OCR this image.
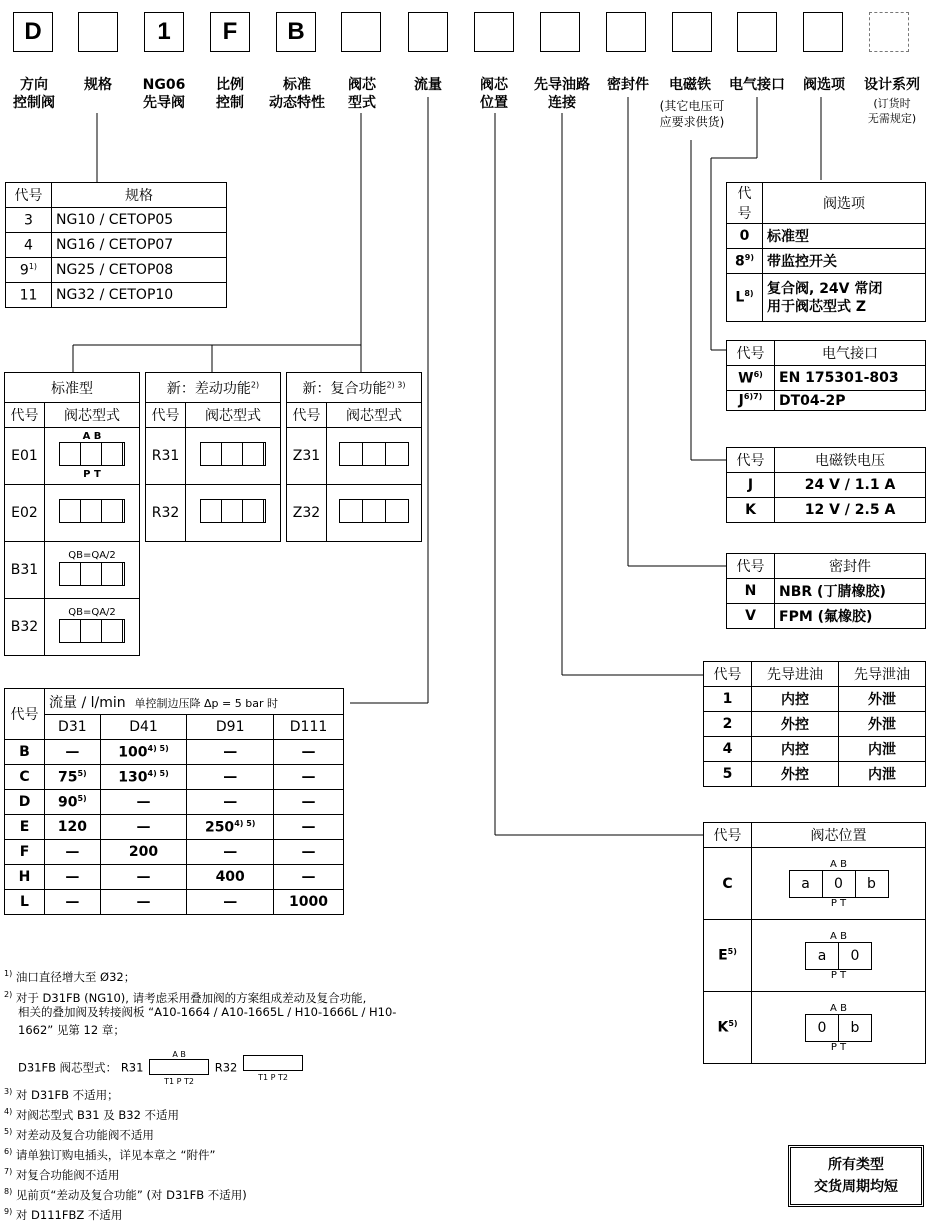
D	1	F	B
方向
控制阀
规格	NG06
先导阀
比例
控制
标准
动态特性
阀芯
型式
流量	阀芯
位置
先导油路
连接
密封件	电磁铁
(其它电压可
应要求供货)
电气接口	阀选项	设计系列
(订货时
无需规定)
代号	规格
3	NG10 / CETOP05
4	NG16 / CETOP07
9$^{1)}$	NG25 / CETOP08
11	NG32 / CETOP10
标准型	
代号	阀芯型式
E01	A B
P T

E02	
B31	QB=QA/2

B32	QB=QA/2
新：差动功能$^{2)}$
代号	阀芯型式
R31	
R32	
新：复合功能$^{2) 3)}$
代号	阀芯型式
Z31	
Z32	
代号	流量 / l/min 单控制边压降 Δp = 5 bar 时			
	D31	D41	D91	D111
B	—	$100^{4) 5)}$	—	—
C	75$^{5)}$	$130^{4) 5)}$	—	—
D	90$^{5)}$	—	—	—
E	120	—	$250^{4) 5)}$	—
F	—	200	—	—
H	—	—	400	—
L	—	—	—	1000
代号	阀选项
0	标准型
8$^{9)}$	带监控开关
$L^{8)}$	复合阀, 24V 常闭
用于阀芯型式 Z
代号	电气接口
$W^{6)}$	EN 175301-803
$J^{6)7)}$	DT04-2P
代号	电磁铁电压
J	24 V / 1.1 A
K	12 V / 2.5 A
代号	密封件
N	NBR (丁腈橡胶)
V	FPM (氟橡胶)
代号	先导进油	先导泄油
1	内控	外泄
2	外控	外泄
4	内控	内泄
5	外控	内泄
代号	阀芯位置
C	A B
a 0 b
P T

$E^{5)}$	A B
a 0
P T

$K^{5)}$	A B
0 b
P T
$^{1)}$ 油口直径增大至 Ø32；
$^{2)}$ 对于 D31FB (NG10), 请考虑采用叠加阀的方案组成差动及复合功能,
相关的叠加阀及转接阀板 “A10-1664 / A10-1665L / H10-1666L / H10-
1662” 见第 12 章；
D31FB 阀芯型式： R31 A B

T1 P T2 R32
T1 P T2
$^{3)}$ 对 D31FB 不适用；
$^{4)}$ 对阀芯型式 B31 及 B32 不适用
$^{5)}$ 对差动及复合功能阀不适用
$^{6)}$ 请单独订购电插头，详见本章之 “附件”
$^{7)}$ 对复合功能阀不适用
$^{8)}$ 见前页“差动及复合功能” (对 D31FB 不适用)
$^{9)}$ 对 D111FBZ 不适用
所有类型
交货周期均短
